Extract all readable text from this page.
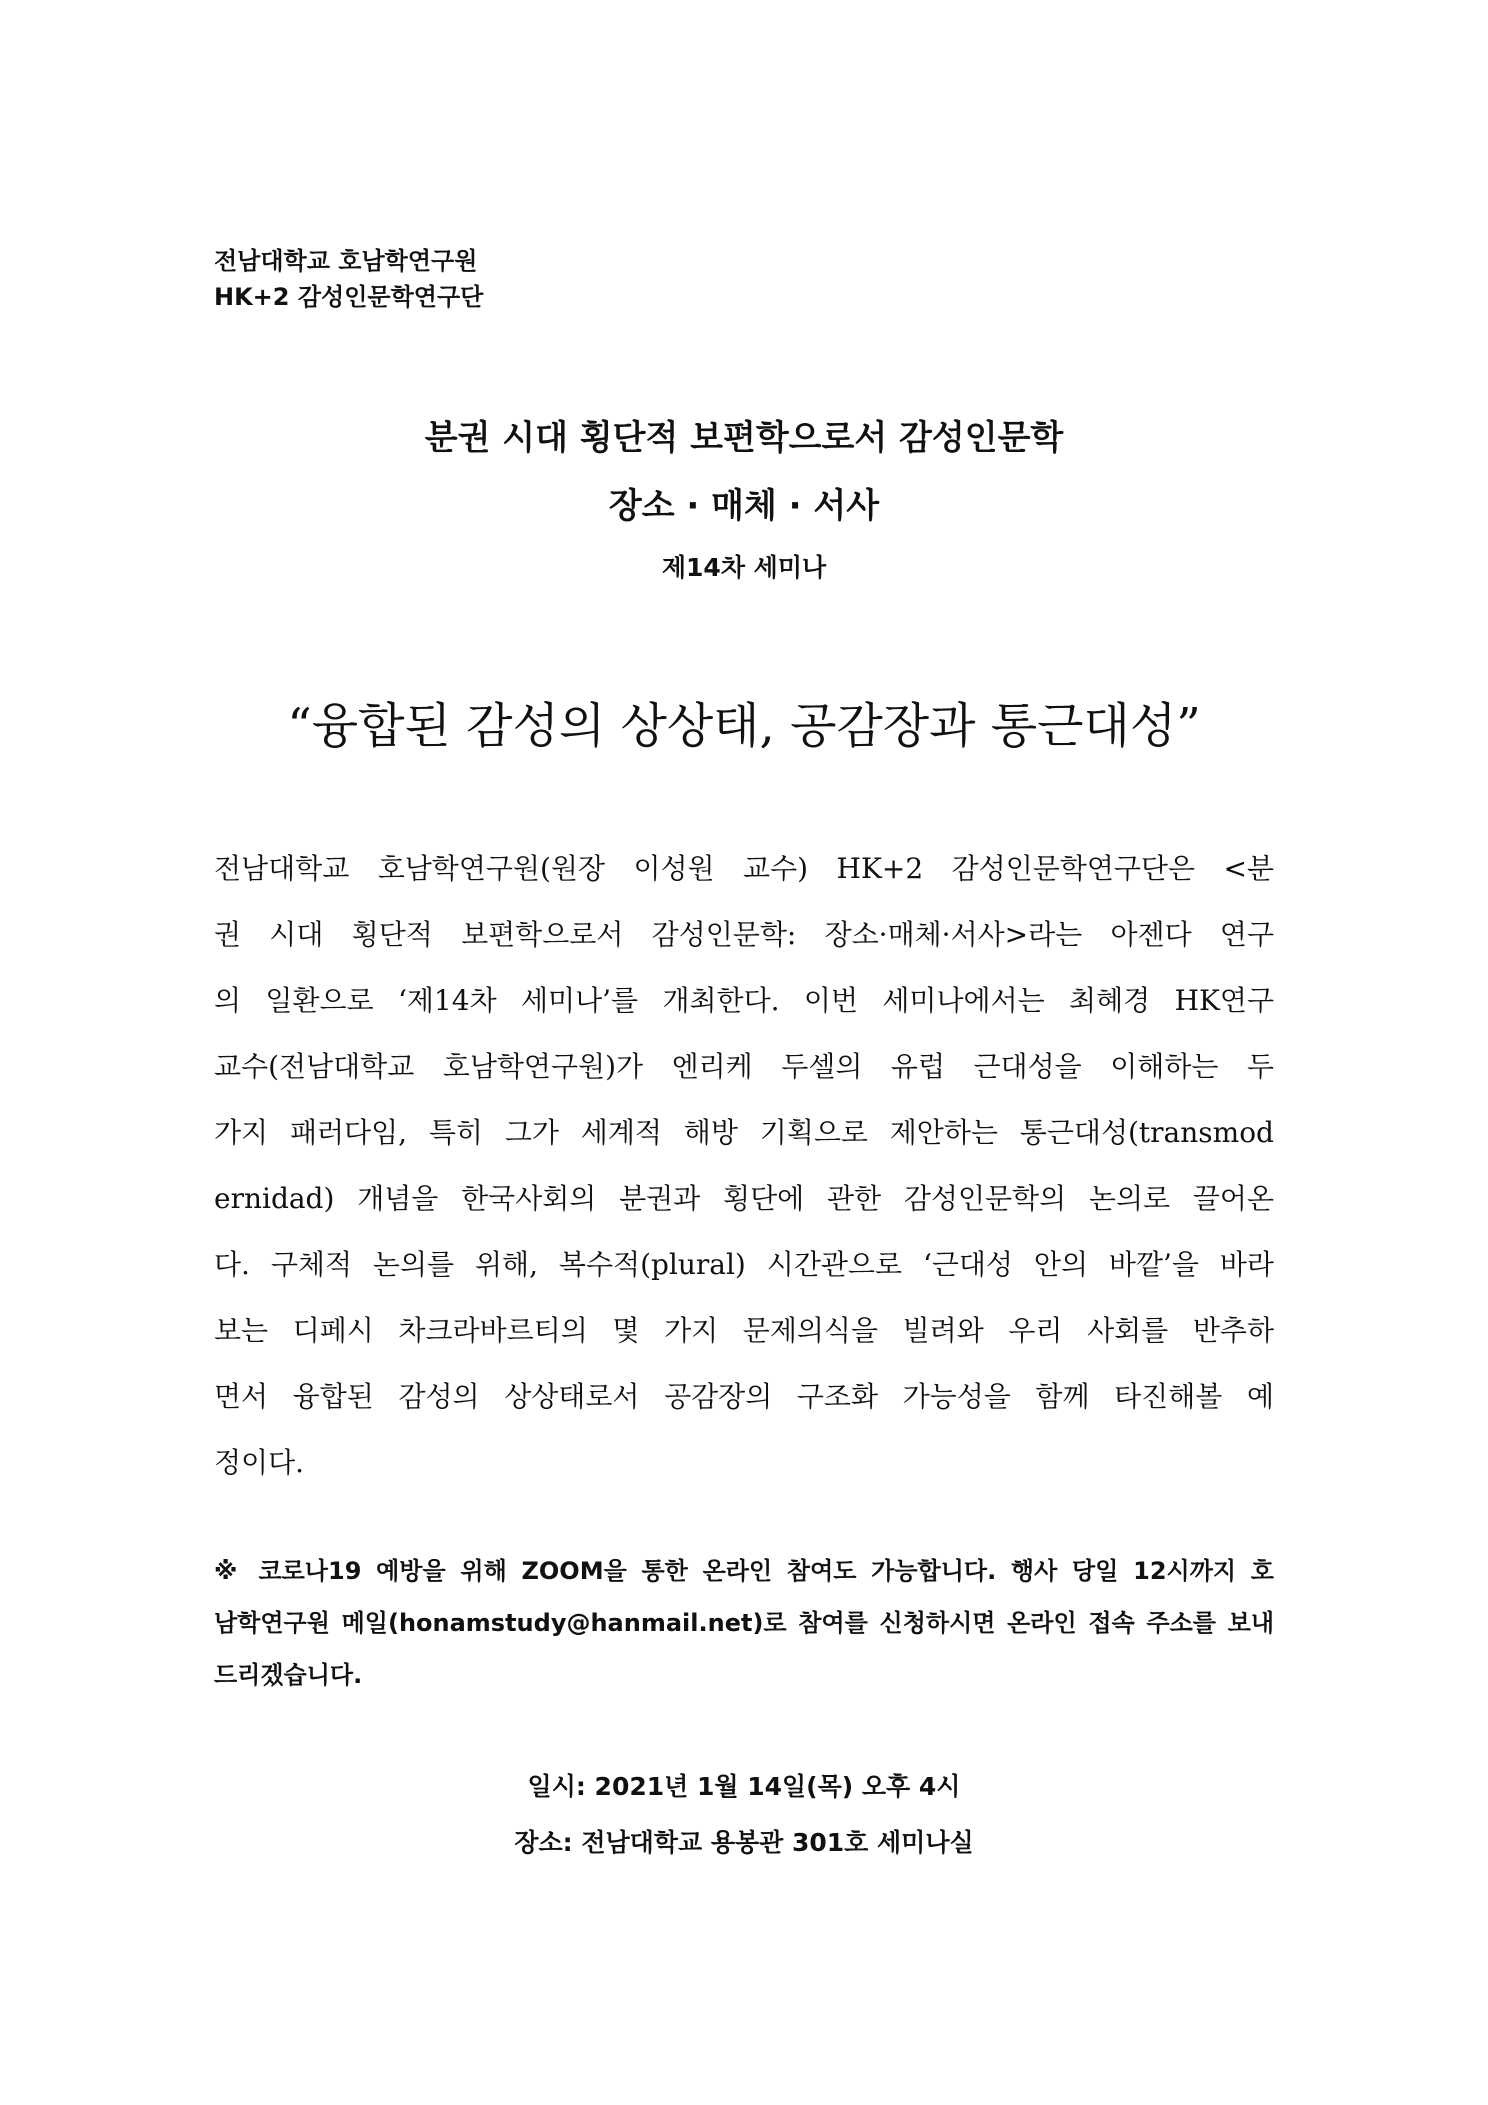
전남대학교 호남학연구원
HK+2 감성인문학연구단
분권 시대 횡단적 보편학으로서 감성인문학
장소 · 매체 · 서사
제14차 세미나
“융합된 감성의 상상태, 공감장과 통근대성”
전남대학교 호남학연구원(원장 이성원 교수) HK+2 감성인문학연구단은 <분
권 시대 횡단적 보편학으로서 감성인문학: 장소·매체·서사>라는 아젠다 연구
의 일환으로 ‘제14차 세미나’를 개최한다. 이번 세미나에서는 최혜경 HK연구
교수(전남대학교 호남학연구원)가 엔리케 두셀의 유럽 근대성을 이해하는 두
가지 패러다임, 특히 그가 세계적 해방 기획으로 제안하는 통근대성(transmod
ernidad) 개념을 한국사회의 분권과 횡단에 관한 감성인문학의 논의로 끌어온
다. 구체적 논의를 위해, 복수적(plural) 시간관으로 ‘근대성 안의 바깥’을 바라
보는 디페시 차크라바르티의 몇 가지 문제의식을 빌려와 우리 사회를 반추하
면서 융합된 감성의 상상태로서 공감장의 구조화 가능성을 함께 타진해볼 예
정이다.
※ 코로나19 예방을 위해 ZOOM을 통한 온라인 참여도 가능합니다. 행사 당일 12시까지 호
남학연구원 메일(honamstudy@hanmail.net)로 참여를 신청하시면 온라인 접속 주소를 보내
드리겠습니다.
일시: 2021년 1월 14일(목) 오후 4시
장소: 전남대학교 용봉관 301호 세미나실
